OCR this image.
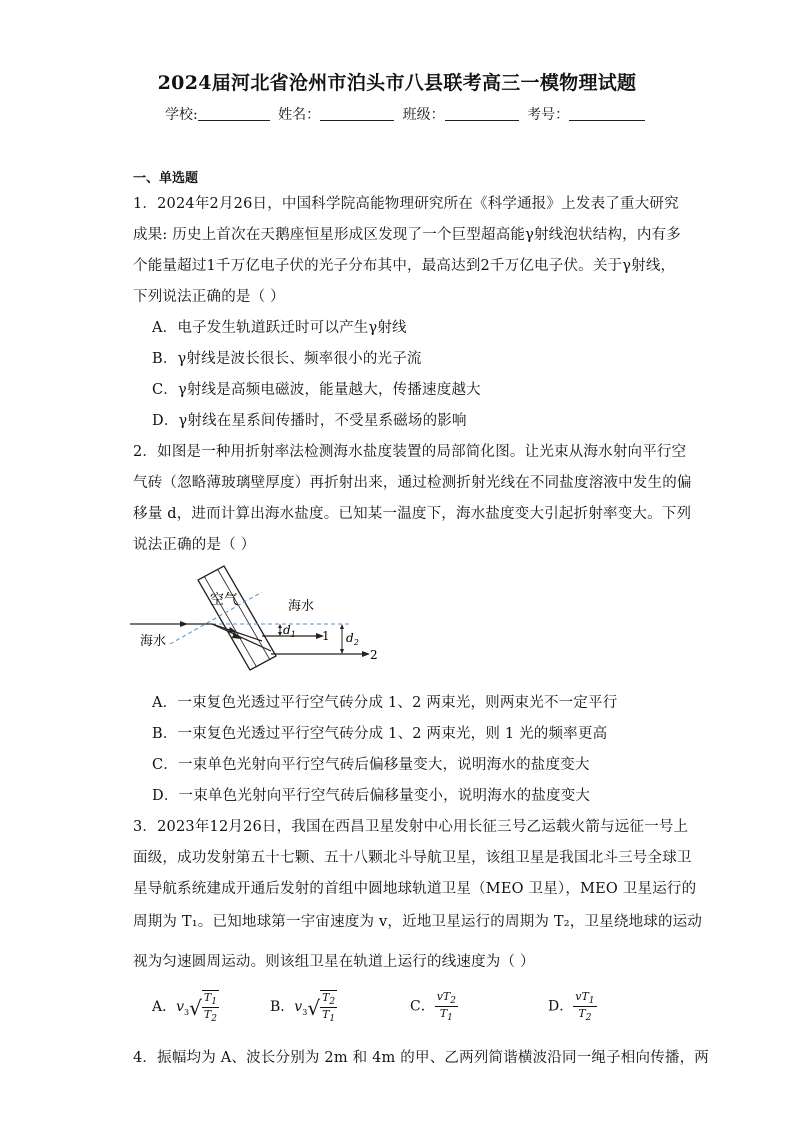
2024届河北省沧州市泊头市八县联考高三一模物理试题
学校:	姓名：	班级：	考号：
一、单选题
1．2024年2月26日，中国科学院高能物理研究所在《科学通报》上发表了重大研究
成果: 历史上首次在天鹅座恒星形成区发现了一个巨型超高能γ射线泡状结构，内有多
个能量超过1千万亿电子伏的光子分布其中，最高达到2千万亿电子伏。关于γ射线，
下列说法正确的是（ ）
A．电子发生轨道跃迁时可以产生γ射线
B．γ射线是波长很长、频率很小的光子流
C．γ射线是高频电磁波，能量越大，传播速度越大
D．γ射线在星系间传播时，不受星系磁场的影响
2．如图是一种用折射率法检测海水盐度装置的局部简化图。让光束从海水射向平行空
气砖（忽略薄玻璃壁厚度）再折射出来，通过检测折射光线在不同盐度溶液中发生的偏
移量 d，进而计算出海水盐度。已知某一温度下，海水盐度变大引起折射率变大。下列
说法正确的是（ ）
空气	海水
海水
$d_1$	$d_2$
1
2
A．一束复色光透过平行空气砖分成 1、2 两束光，则两束光不一定平行
B．一束复色光透过平行空气砖分成 1、2 两束光，则 1 光的频率更高
C．一束单色光射向平行空气砖后偏移量变大，说明海水的盐度变大
D．一束单色光射向平行空气砖后偏移量变小，说明海水的盐度变大
3．2023年12月26日，我国在西昌卫星发射中心用长征三号乙运载火箭与远征一号上
面级，成功发射第五十七颗、五十八颗北斗导航卫星，该组卫星是我国北斗三号全球卫
星导航系统建成开通后发射的首组中圆地球轨道卫星（MEO 卫星），MEO 卫星运行的
周期为 T₁。已知地球第一宇宙速度为 v，近地卫星运行的周期为 T₂，卫星绕地球的运动
视为匀速圆周运动。则该组卫星在轨道上运行的线速度为（ ）
A．$v_3√ \frac{T_1}{T_2}$	B．$v_3√ \frac{T_2}{T_1}$	C． $\frac{vT_2}{T_1}$	D． $\frac{vT_1}{T_2}$
4．振幅均为 A、波长分别为 2m 和 4m 的甲、乙两列简谐横波沿同一绳子相向传播，两
